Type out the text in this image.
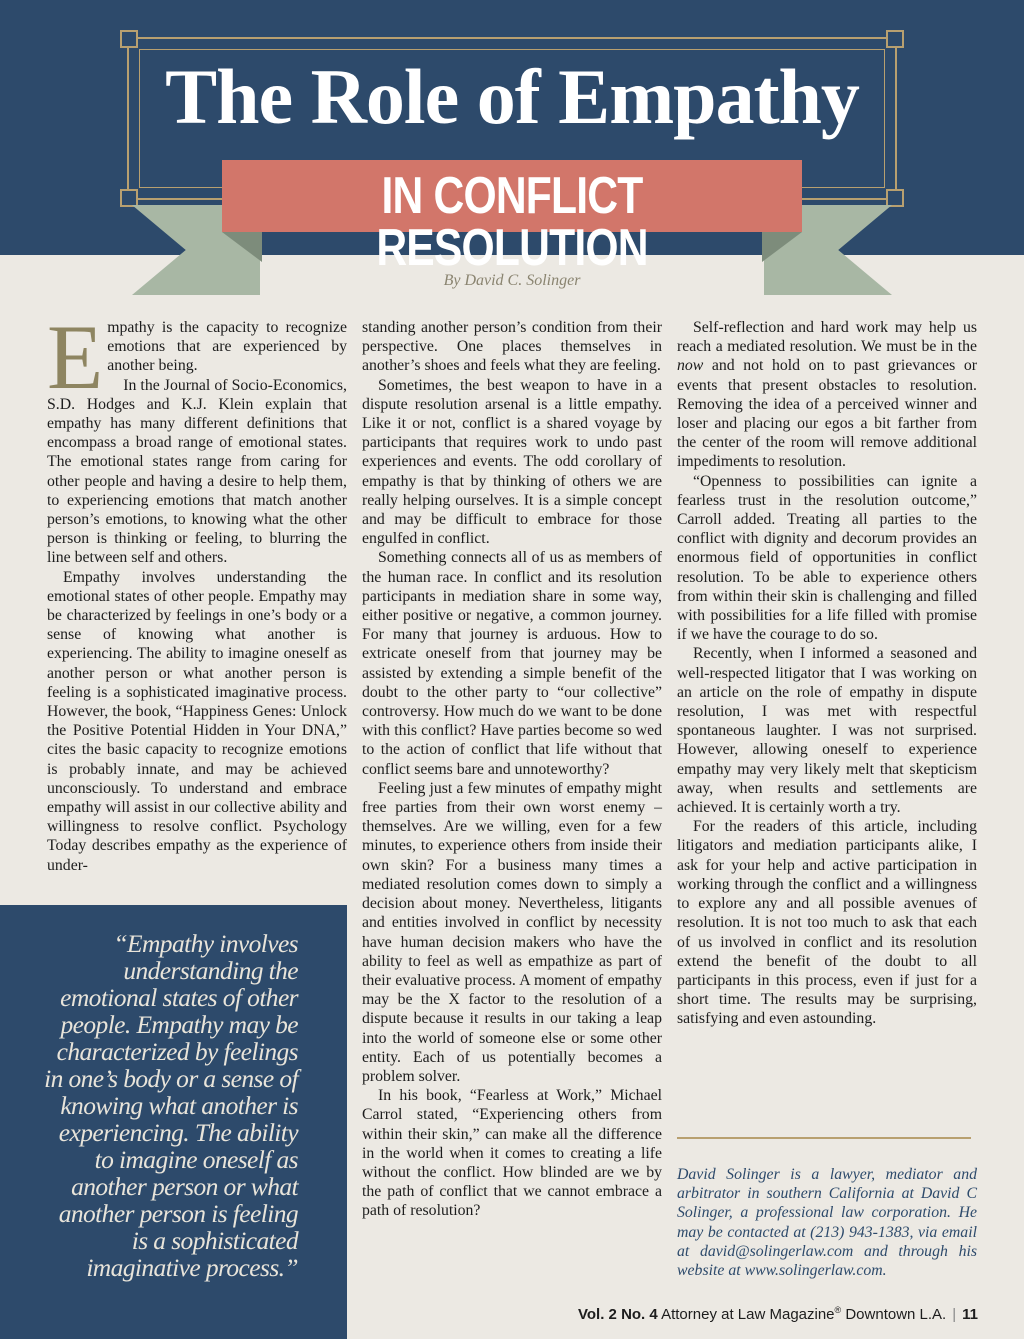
The Role of Empathy
IN CONFLICT RESOLUTION
By David C. Solinger

Empathy is the capacity to recognize emotions that are experienced by another being.

In the Journal of Socio-Economics, S.D. Hodges and K.J. Klein explain that empathy has many different definitions that encompass a broad range of emotional states. The emotional states range from caring for other people and having a desire to help them, to experiencing emotions that match another person’s emotions, to knowing what the other person is thinking or feeling, to blurring the line between self and others.

Empathy involves understanding the emotional states of other people. Empathy may be characterized by feelings in one’s body or a sense of knowing what another is experiencing. The ability to imagine oneself as another person or what another person is feeling is a sophisticated imaginative process. However, the book, “Happiness Genes: Unlock the Positive Potential Hidden in Your DNA,” cites the basic capacity to recognize emotions is probably innate, and may be achieved unconsciously. To understand and embrace empathy will assist in our collective ability and willingness to resolve conflict. Psychology Today describes empathy as the experience of under-

“Empathy involves understanding the emotional states of other people. Empathy may be characterized by feelings in one’s body or a sense of knowing what another is experiencing. The ability to imagine oneself as another person or what another person is feeling is a sophisticated imaginative process.”

standing another person’s condition from their perspective. One places themselves in another’s shoes and feels what they are feeling.

Sometimes, the best weapon to have in a dispute resolution arsenal is a little empathy. Like it or not, conflict is a shared voyage by participants that requires work to undo past experiences and events. The odd corollary of empathy is that by thinking of others we are really helping ourselves. It is a simple concept and may be difficult to embrace for those engulfed in conflict.

Something connects all of us as members of the human race. In conflict and its resolution participants in mediation share in some way, either positive or negative, a common journey. For many that journey is arduous. How to extricate oneself from that journey may be assisted by extending a simple benefit of the doubt to the other party to “our collective” controversy. How much do we want to be done with this conflict? Have parties become so wed to the action of conflict that life without that conflict seems bare and unnoteworthy?

Feeling just a few minutes of empathy might free parties from their own worst enemy – themselves. Are we willing, even for a few minutes, to experience others from inside their own skin? For a business many times a mediated resolution comes down to simply a decision about money. Nevertheless, litigants and entities involved in conflict by necessity have human decision makers who have the ability to feel as well as empathize as part of their evaluative process. A moment of empathy may be the X factor to the resolution of a dispute because it results in our taking a leap into the world of someone else or some other entity. Each of us potentially becomes a problem solver.

In his book, “Fearless at Work,” Michael Carrol stated, “Experiencing others from within their skin,” can make all the difference in the world when it comes to creating a life without the conflict. How blinded are we by the path of conflict that we cannot embrace a path of resolution?

Self-reflection and hard work may help us reach a mediated resolution. We must be in the now and not hold on to past grievances or events that present obstacles to resolution. Removing the idea of a perceived winner and loser and placing our egos a bit farther from the center of the room will remove additional impediments to resolution.

“Openness to possibilities can ignite a fearless trust in the resolution outcome,” Carroll added. Treating all parties to the conflict with dignity and decorum provides an enormous field of opportunities in conflict resolution. To be able to experience others from within their skin is challenging and filled with possibilities for a life filled with promise if we have the courage to do so.

Recently, when I informed a seasoned and well-respected litigator that I was working on an article on the role of empathy in dispute resolution, I was met with respectful spontaneous laughter. I was not surprised. However, allowing oneself to experience empathy may very likely melt that skepticism away, when results and settlements are achieved. It is certainly worth a try.

For the readers of this article, including litigators and mediation participants alike, I ask for your help and active participation in working through the conflict and a willingness to explore any and all possible avenues of resolution. It is not too much to ask that each of us involved in conflict and its resolution extend the benefit of the doubt to all participants in this process, even if just for a short time. The results may be surprising, satisfying and even astounding.

David Solinger is a lawyer, mediator and arbitrator in southern California at David C Solinger, a professional law corporation. He may be contacted at (213) 943-1383, via email at david@solingerlaw.com and through his website at www.solingerlaw.com.
Vol. 2 No. 4 Attorney at Law Magazine® Downtown L.A. | 11
